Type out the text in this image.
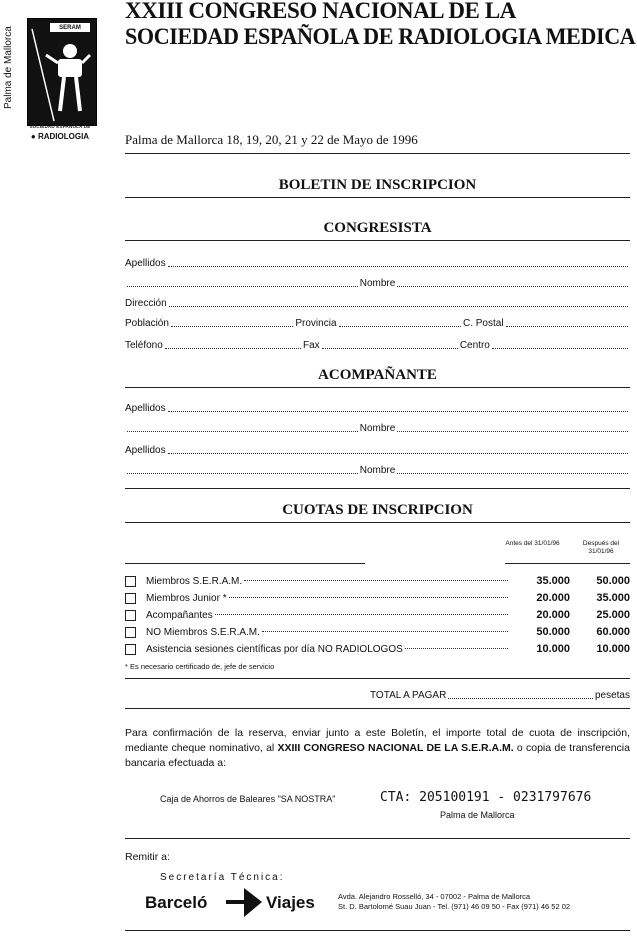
Palma de Mallorca	SERAM
SOCIEDAD ESPAÑOLA DE
● RADIOLOGIA
XXIII CONGRESO NACIONAL DE LA
SOCIEDAD ESPAÑOLA DE RADIOLOGIA MEDICA
Palma de Mallorca 18, 19, 20, 21 y 22 de Mayo de 1996
BOLETIN DE INSCRIPCION
CONGRESISTA
Apellidos
Nombre
Dirección
Población	Provincia	C. Postal
Teléfono	Fax	Centro
ACOMPAÑANTE
Apellidos
Nombre
Apellidos
Nombre
CUOTAS DE INSCRIPCION
Antes del 31/01/96	Después del 31/01/96
Miembros S.E.R.A.M.	35.000	50.000
Miembros Junior *	20.000	35.000
Acompañantes	20.000	25.000
NO Miembros S.E.R.A.M.	50.000	60.000
Asistencia sesiones científicas por día NO RADIOLOGOS	10.000	10.000
* Es necesario certificado de, jefe de servicio
TOTAL A PAGAR	pesetas
Para confirmación de la reserva, enviar junto a este Boletín, el importe total de cuota de inscripción, mediante cheque nominativo, al XXIII CONGRESO NACIONAL DE LA S.E.R.A.M. o copia de transferencia bancaria efectuada a:
Caja de Ahorros de Baleares "SA NOSTRA"	CTA: 205100191 - 0231797676
Palma de Mallorca
Remitir a:
Secretaría Técnica:
Barceló	Viajes	Avda. Alejandro Rosselló, 34 - 07002 - Palma de Mallorca
St. D. Bartolomé Suau Juan - Tel. (971) 46 09 50 - Fax (971) 46 52 02
